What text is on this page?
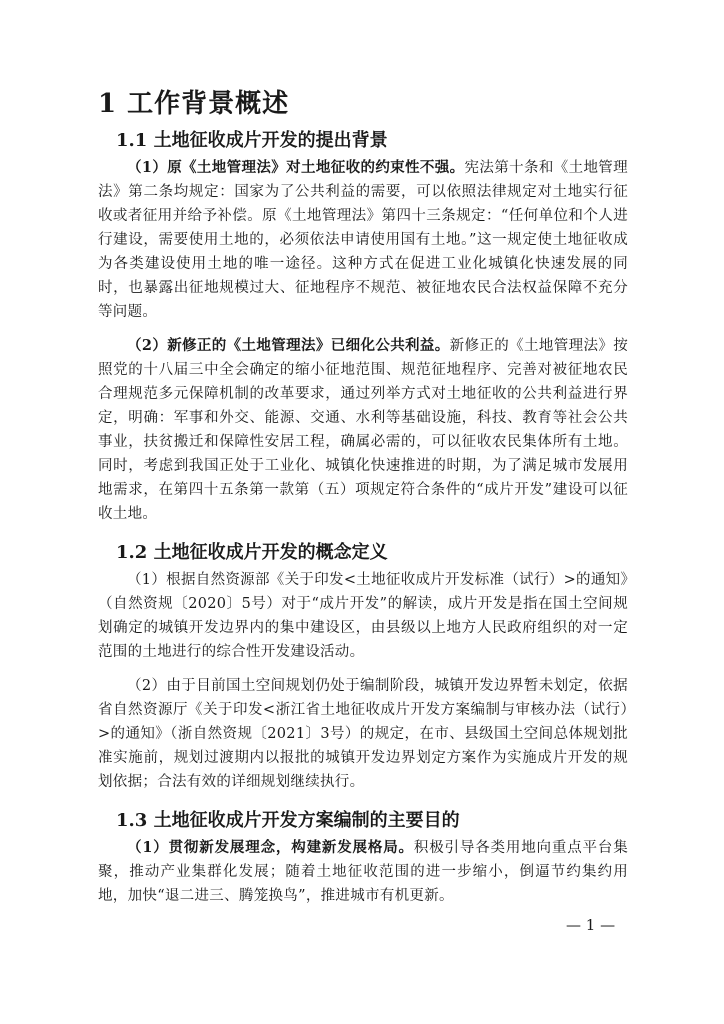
1 工作背景概述
1.1 土地征收成片开发的提出背景

（1）原《土地管理法》对土地征收的约束性不强。宪法第十条和《土地管理法》第二条均规定：国家为了公共利益的需要，可以依照法律规定对土地实行征收或者征用并给予补偿。原《土地管理法》第四十三条规定：“任何单位和个人进行建设，需要使用土地的，必须依法申请使用国有土地。”这一规定使土地征收成为各类建设使用土地的唯一途径。这种方式在促进工业化城镇化快速发展的同时，也暴露出征地规模过大、征地程序不规范、被征地农民合法权益保障不充分等问题。

（2）新修正的《土地管理法》已细化公共利益。新修正的《土地管理法》按照党的十八届三中全会确定的缩小征地范围、规范征地程序、完善对被征地农民合理规范多元保障机制的改革要求，通过列举方式对土地征收的公共利益进行界定，明确：军事和外交、能源、交通、水利等基础设施，科技、教育等社会公共事业，扶贫搬迁和保障性安居工程，确属必需的，可以征收农民集体所有土地。同时，考虑到我国正处于工业化、城镇化快速推进的时期，为了满足城市发展用地需求，在第四十五条第一款第（五）项规定符合条件的“成片开发”建设可以征收土地。

1.2 土地征收成片开发的概念定义

（1）根据自然资源部《关于印发<土地征收成片开发标准（试行）>的通知》（自然资规〔2020〕5号）对于“成片开发”的解读，成片开发是指在国土空间规划确定的城镇开发边界内的集中建设区，由县级以上地方人民政府组织的对一定范围的土地进行的综合性开发建设活动。

（2）由于目前国土空间规划仍处于编制阶段，城镇开发边界暂未划定，依据省自然资源厅《关于印发<浙江省土地征收成片开发方案编制与审核办法（试行）>的通知》（浙自然资规〔2021〕3号）的规定，在市、县级国土空间总体规划批准实施前，规划过渡期内以报批的城镇开发边界划定方案作为实施成片开发的规划依据；合法有效的详细规划继续执行。

1.3 土地征收成片开发方案编制的主要目的

（1）贯彻新发展理念，构建新发展格局。积极引导各类用地向重点平台集聚，推动产业集群化发展；随着土地征收范围的进一步缩小，倒逼节约集约用地，加快“退二进三、腾笼换鸟”，推进城市有机更新。

— 1 —
